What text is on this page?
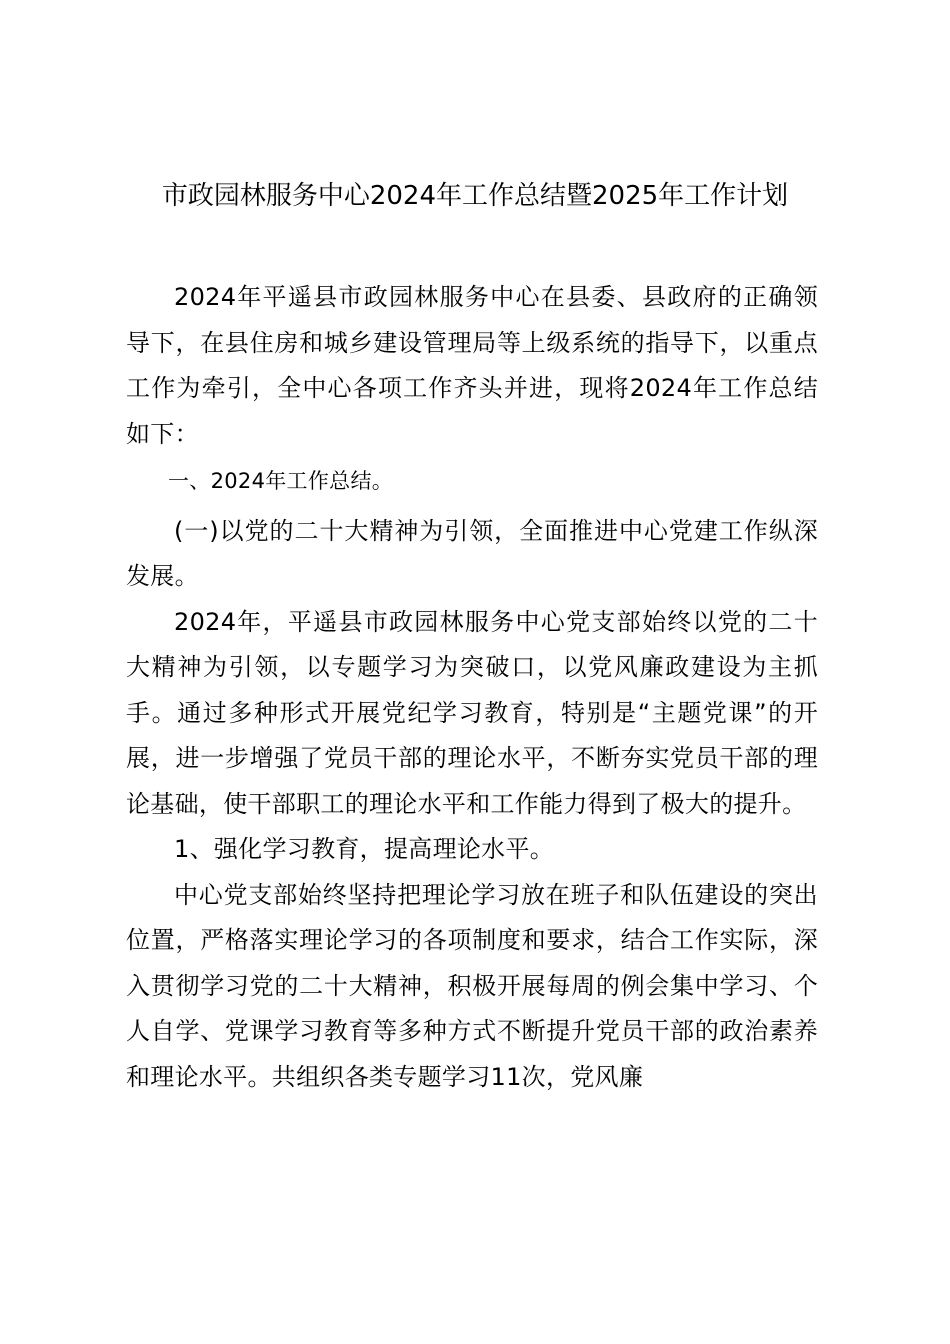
市政园林服务中心2024年工作总结暨2025年工作计划

2024年平遥县市政园林服务中心在县委、县政府的正确领导下，在县住房和城乡建设管理局等上级系统的指导下，以重点工作为牵引，全中心各项工作齐头并进，现将2024年工作总结如下：

一、2024年工作总结。

(一)以党的二十大精神为引领，全面推进中心党建工作纵深发展。

2024年，平遥县市政园林服务中心党支部始终以党的二十大精神为引领，以专题学习为突破口，以党风廉政建设为主抓手。通过多种形式开展党纪学习教育，特别是“主题党课”的开展，进一步增强了党员干部的理论水平，不断夯实党员干部的理论基础，使干部职工的理论水平和工作能力得到了极大的提升。

1、强化学习教育，提高理论水平。

中心党支部始终坚持把理论学习放在班子和队伍建设的突出位置，严格落实理论学习的各项制度和要求，结合工作实际，深入贯彻学习党的二十大精神，积极开展每周的例会集中学习、个人自学、党课学习教育等多种方式不断提升党员干部的政治素养和理论水平。共组织各类专题学习11次，党风廉
